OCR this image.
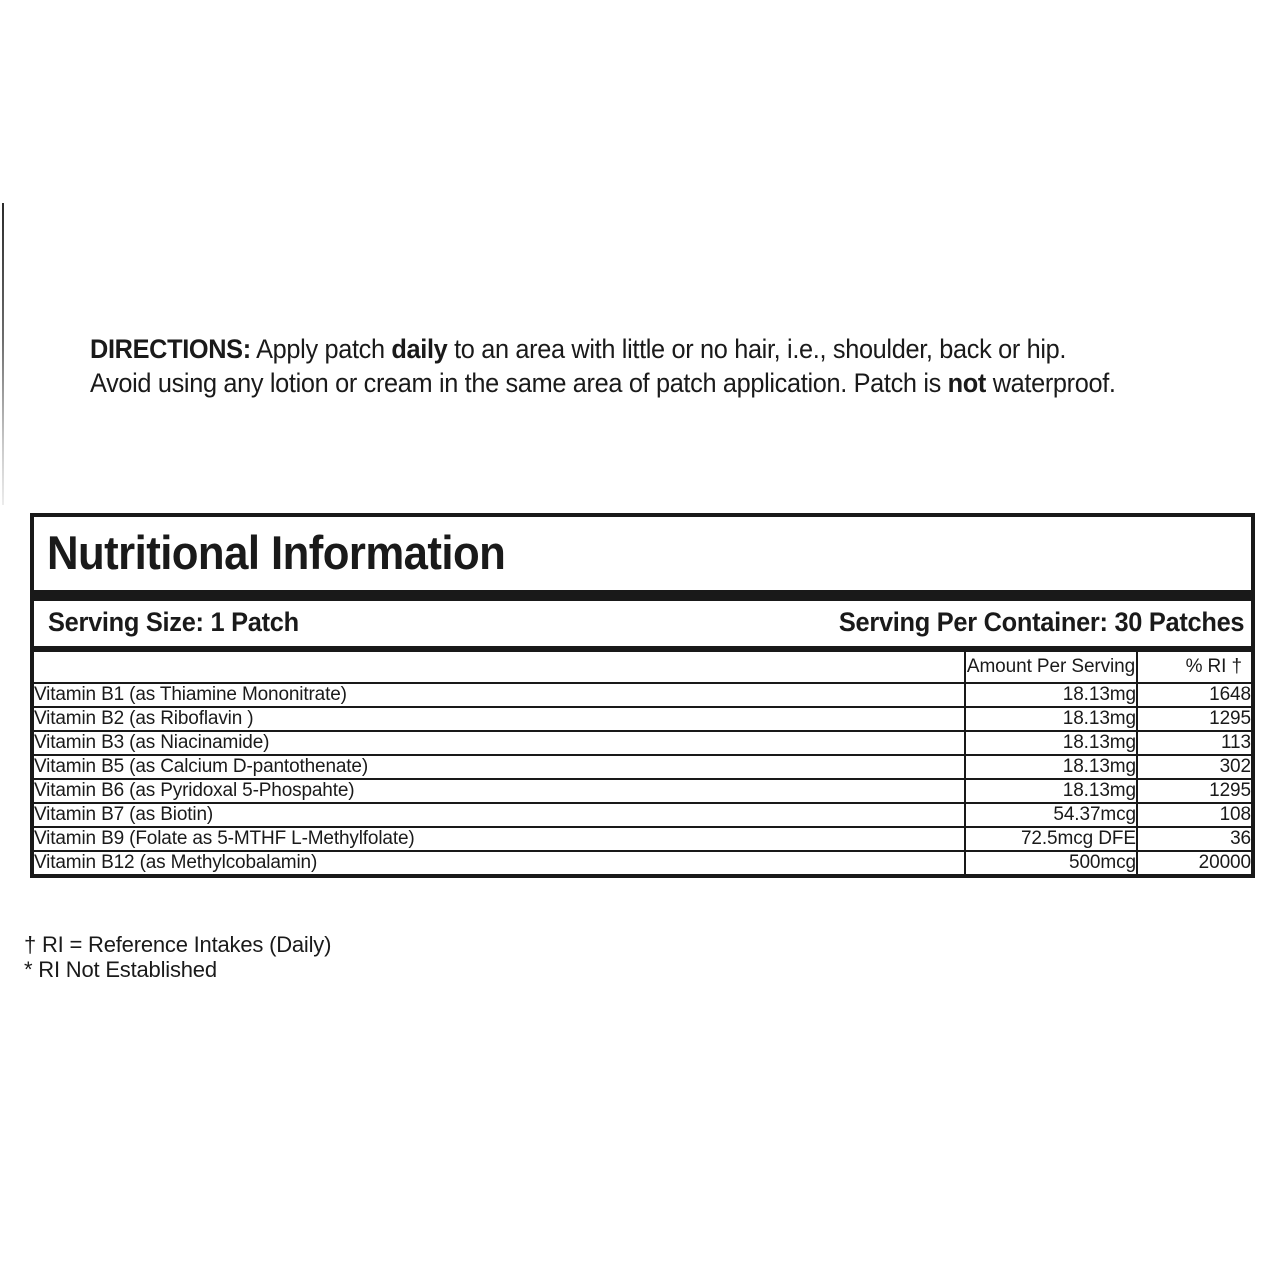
DIRECTIONS: Apply patch daily to an area with little or no hair, i.e., shoulder, back or hip.
Avoid using any lotion or cream in the same area of patch application. Patch is not waterproof.
Nutritional Information
Serving Size: 1 Patch	Serving Per Container: 30 Patches
	Amount Per Serving	% RI †
Vitamin B1 (as Thiamine Mononitrate)	18.13mg	1648
Vitamin B2 (as Riboflavin )	18.13mg	1295
Vitamin B3 (as Niacinamide)	18.13mg	113
Vitamin B5 (as Calcium D-pantothenate)	18.13mg	302
Vitamin B6 (as Pyridoxal 5-Phospahte)	18.13mg	1295
Vitamin B7 (as Biotin)	54.37mcg	108
Vitamin B9 (Folate as 5-MTHF L-Methylfolate)	72.5mcg DFE	36
Vitamin B12 (as Methylcobalamin)	500mcg	20000
† RI = Reference Intakes (Daily)
* RI Not Established
